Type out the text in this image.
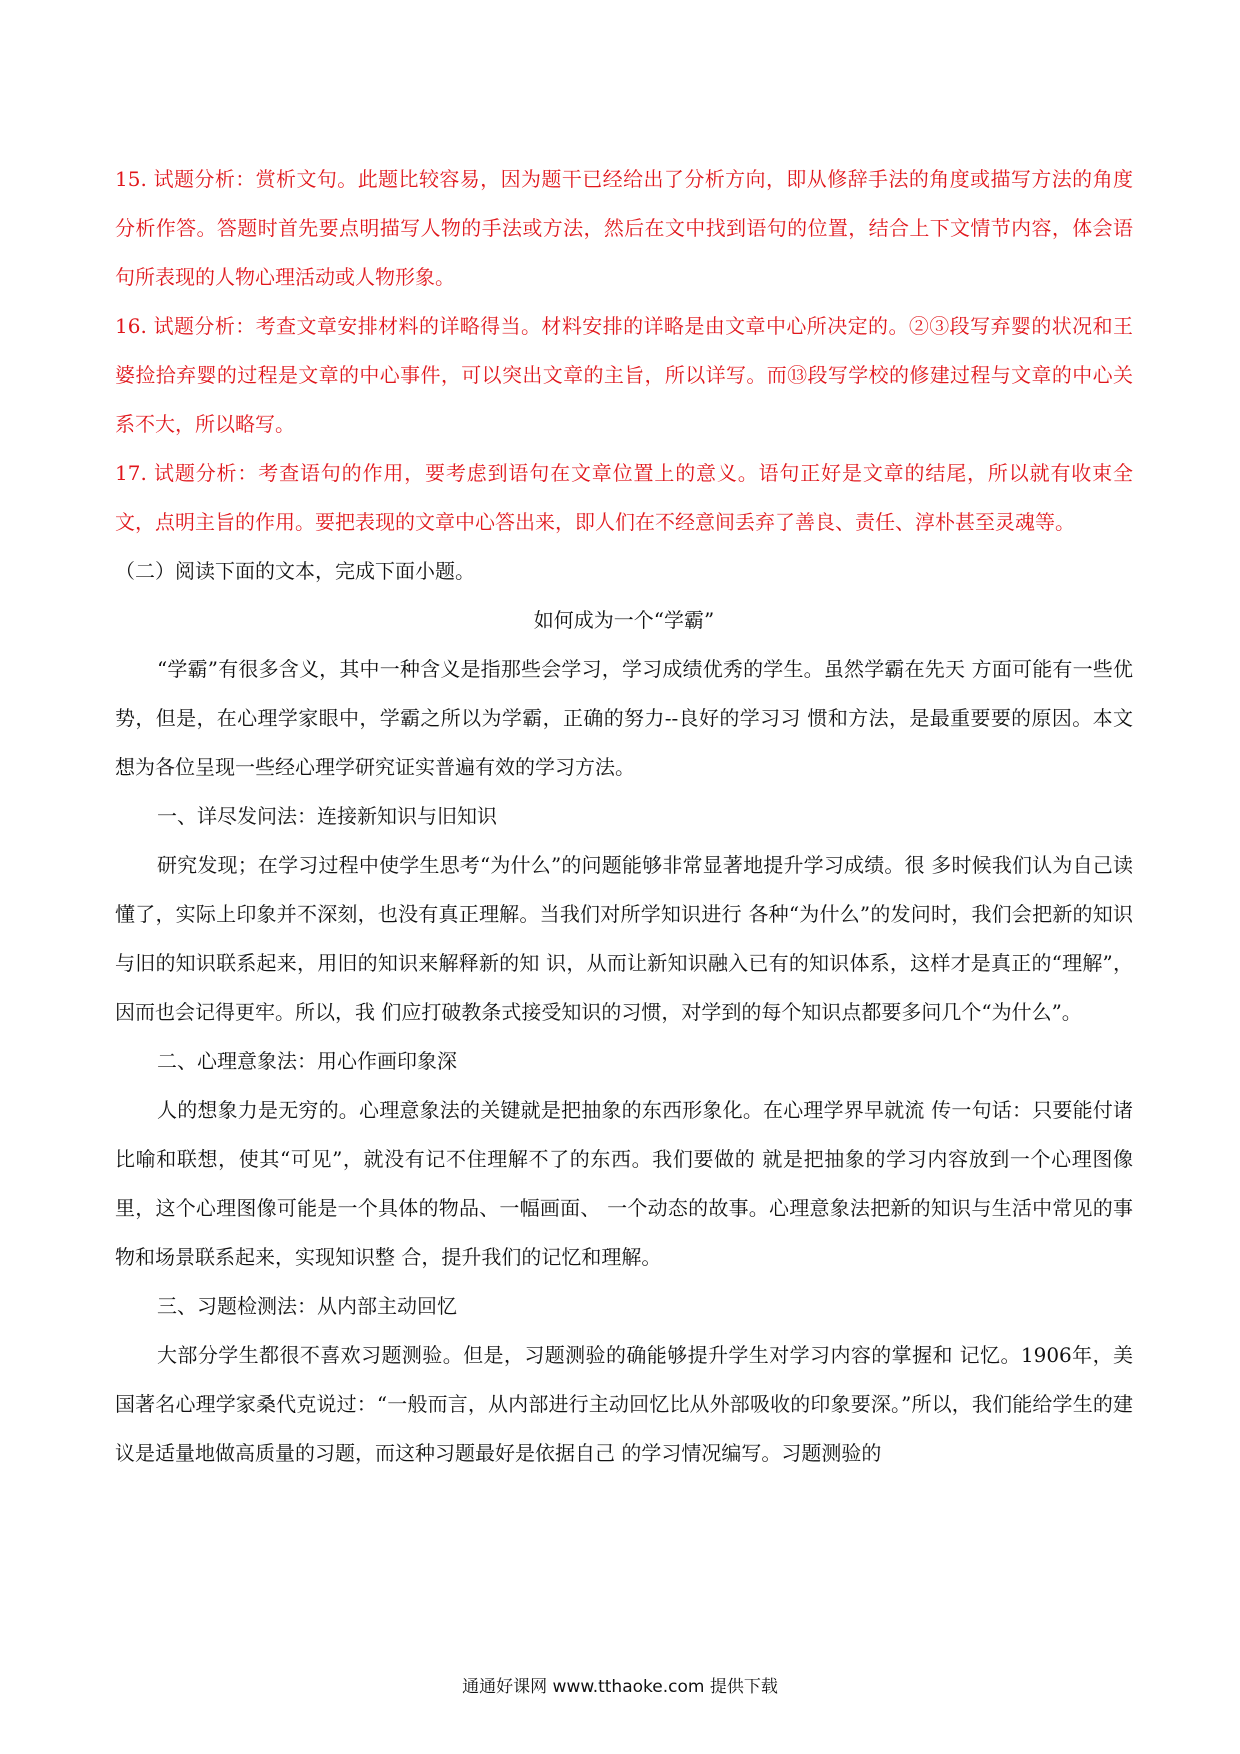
15. 试题分析：赏析文句。此题比较容易，因为题干已经给出了分析方向，即从修辞手法的角度或描写方法的角度分析作答。答题时首先要点明描写人物的手法或方法，然后在文中找到语句的位置，结合上下文情节内容，体会语句所表现的人物心理活动或人物形象。

16. 试题分析：考查文章安排材料的详略得当。材料安排的详略是由文章中心所决定的。②③段写弃婴的状况和王婆捡拾弃婴的过程是文章的中心事件，可以突出文章的主旨，所以详写。而⑬段写学校的修建过程与文章的中心关系不大，所以略写。

17. 试题分析：考查语句的作用，要考虑到语句在文章位置上的意义。语句正好是文章的结尾，所以就有收束全文，点明主旨的作用。要把表现的文章中心答出来，即人们在不经意间丢弃了善良、责任、淳朴甚至灵魂等。

（二）阅读下面的文本，完成下面小题。

如何成为一个“学霸”

“学霸”有很多含义，其中一种含义是指那些会学习，学习成绩优秀的学生。虽然学霸在先天 方面可能有一些优势，但是，在心理学家眼中，学霸之所以为学霸，正确的努力--良好的学习习 惯和方法，是最重要要的原因。本文想为各位呈现一些经心理学研究证实普遍有效的学习方法。

一、详尽发问法：连接新知识与旧知识

研究发现；在学习过程中使学生思考“为什么”的问题能够非常显著地提升学习成绩。很 多时候我们认为自己读懂了，实际上印象并不深刻，也没有真正理解。当我们对所学知识进行 各种“为什么”的发问时，我们会把新的知识与旧的知识联系起来，用旧的知识来解释新的知 识，从而让新知识融入已有的知识体系，这样才是真正的“理解”，因而也会记得更牢。所以，我 们应打破教条式接受知识的习惯，对学到的每个知识点都要多问几个“为什么”。

二、心理意象法：用心作画印象深

人的想象力是无穷的。心理意象法的关键就是把抽象的东西形象化。在心理学界早就流 传一句话：只要能付诸比喻和联想，使其“可见”，就没有记不住理解不了的东西。我们要做的 就是把抽象的学习内容放到一个心理图像里，这个心理图像可能是一个具体的物品、一幅画面、 一个动态的故事。心理意象法把新的知识与生活中常见的事物和场景联系起来，实现知识整 合，提升我们的记忆和理解。

三、习题检测法：从内部主动回忆

大部分学生都很不喜欢习题测验。但是，习题测验的确能够提升学生对学习内容的掌握和 记忆。1906年，美国著名心理学家桑代克说过：“一般而言，从内部进行主动回忆比从外部吸收的印象要深。”所以，我们能给学生的建议是适量地做高质量的习题，而这种习题最好是依据自己 的学习情况编写。习题测验的

通通好课网 www.tthaoke.com 提供下载
